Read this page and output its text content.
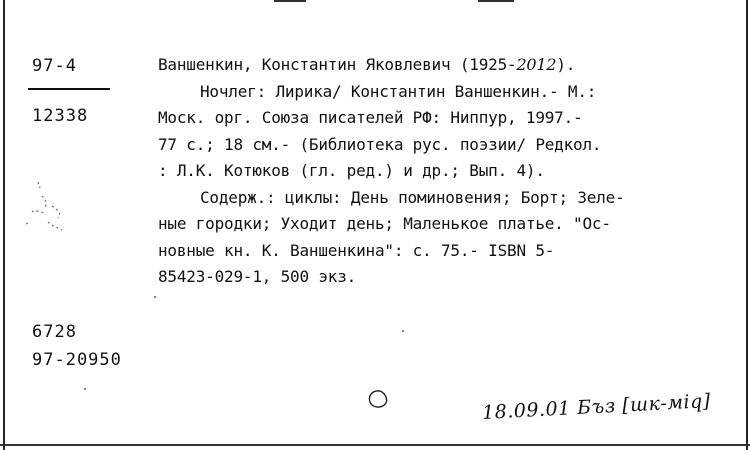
97-4
12338
6728
97-20950
Ваншенкин, Константин Яковлевич (1925-2012).
Ночлег: Лирика/ Константин Ваншенкин.- М.:
Моск. орг. Союза писателей РФ: Ниппур, 1997.-
77 с.; 18 см.- (Библиотека рус. поэзии/ Редкол.
: Л.К. Котюков (гл. ред.) и др.; Вып. 4).
Содерж.: циклы: День поминовения; Борт; Зеле-
ные городки; Уходит день; Маленькое платье. "Ос-
новные кн. К. Ваншенкина": с. 75.- ISBN 5-
85423-029-1, 500 экз.
18.09.01 Бъз [шк-мiq]
